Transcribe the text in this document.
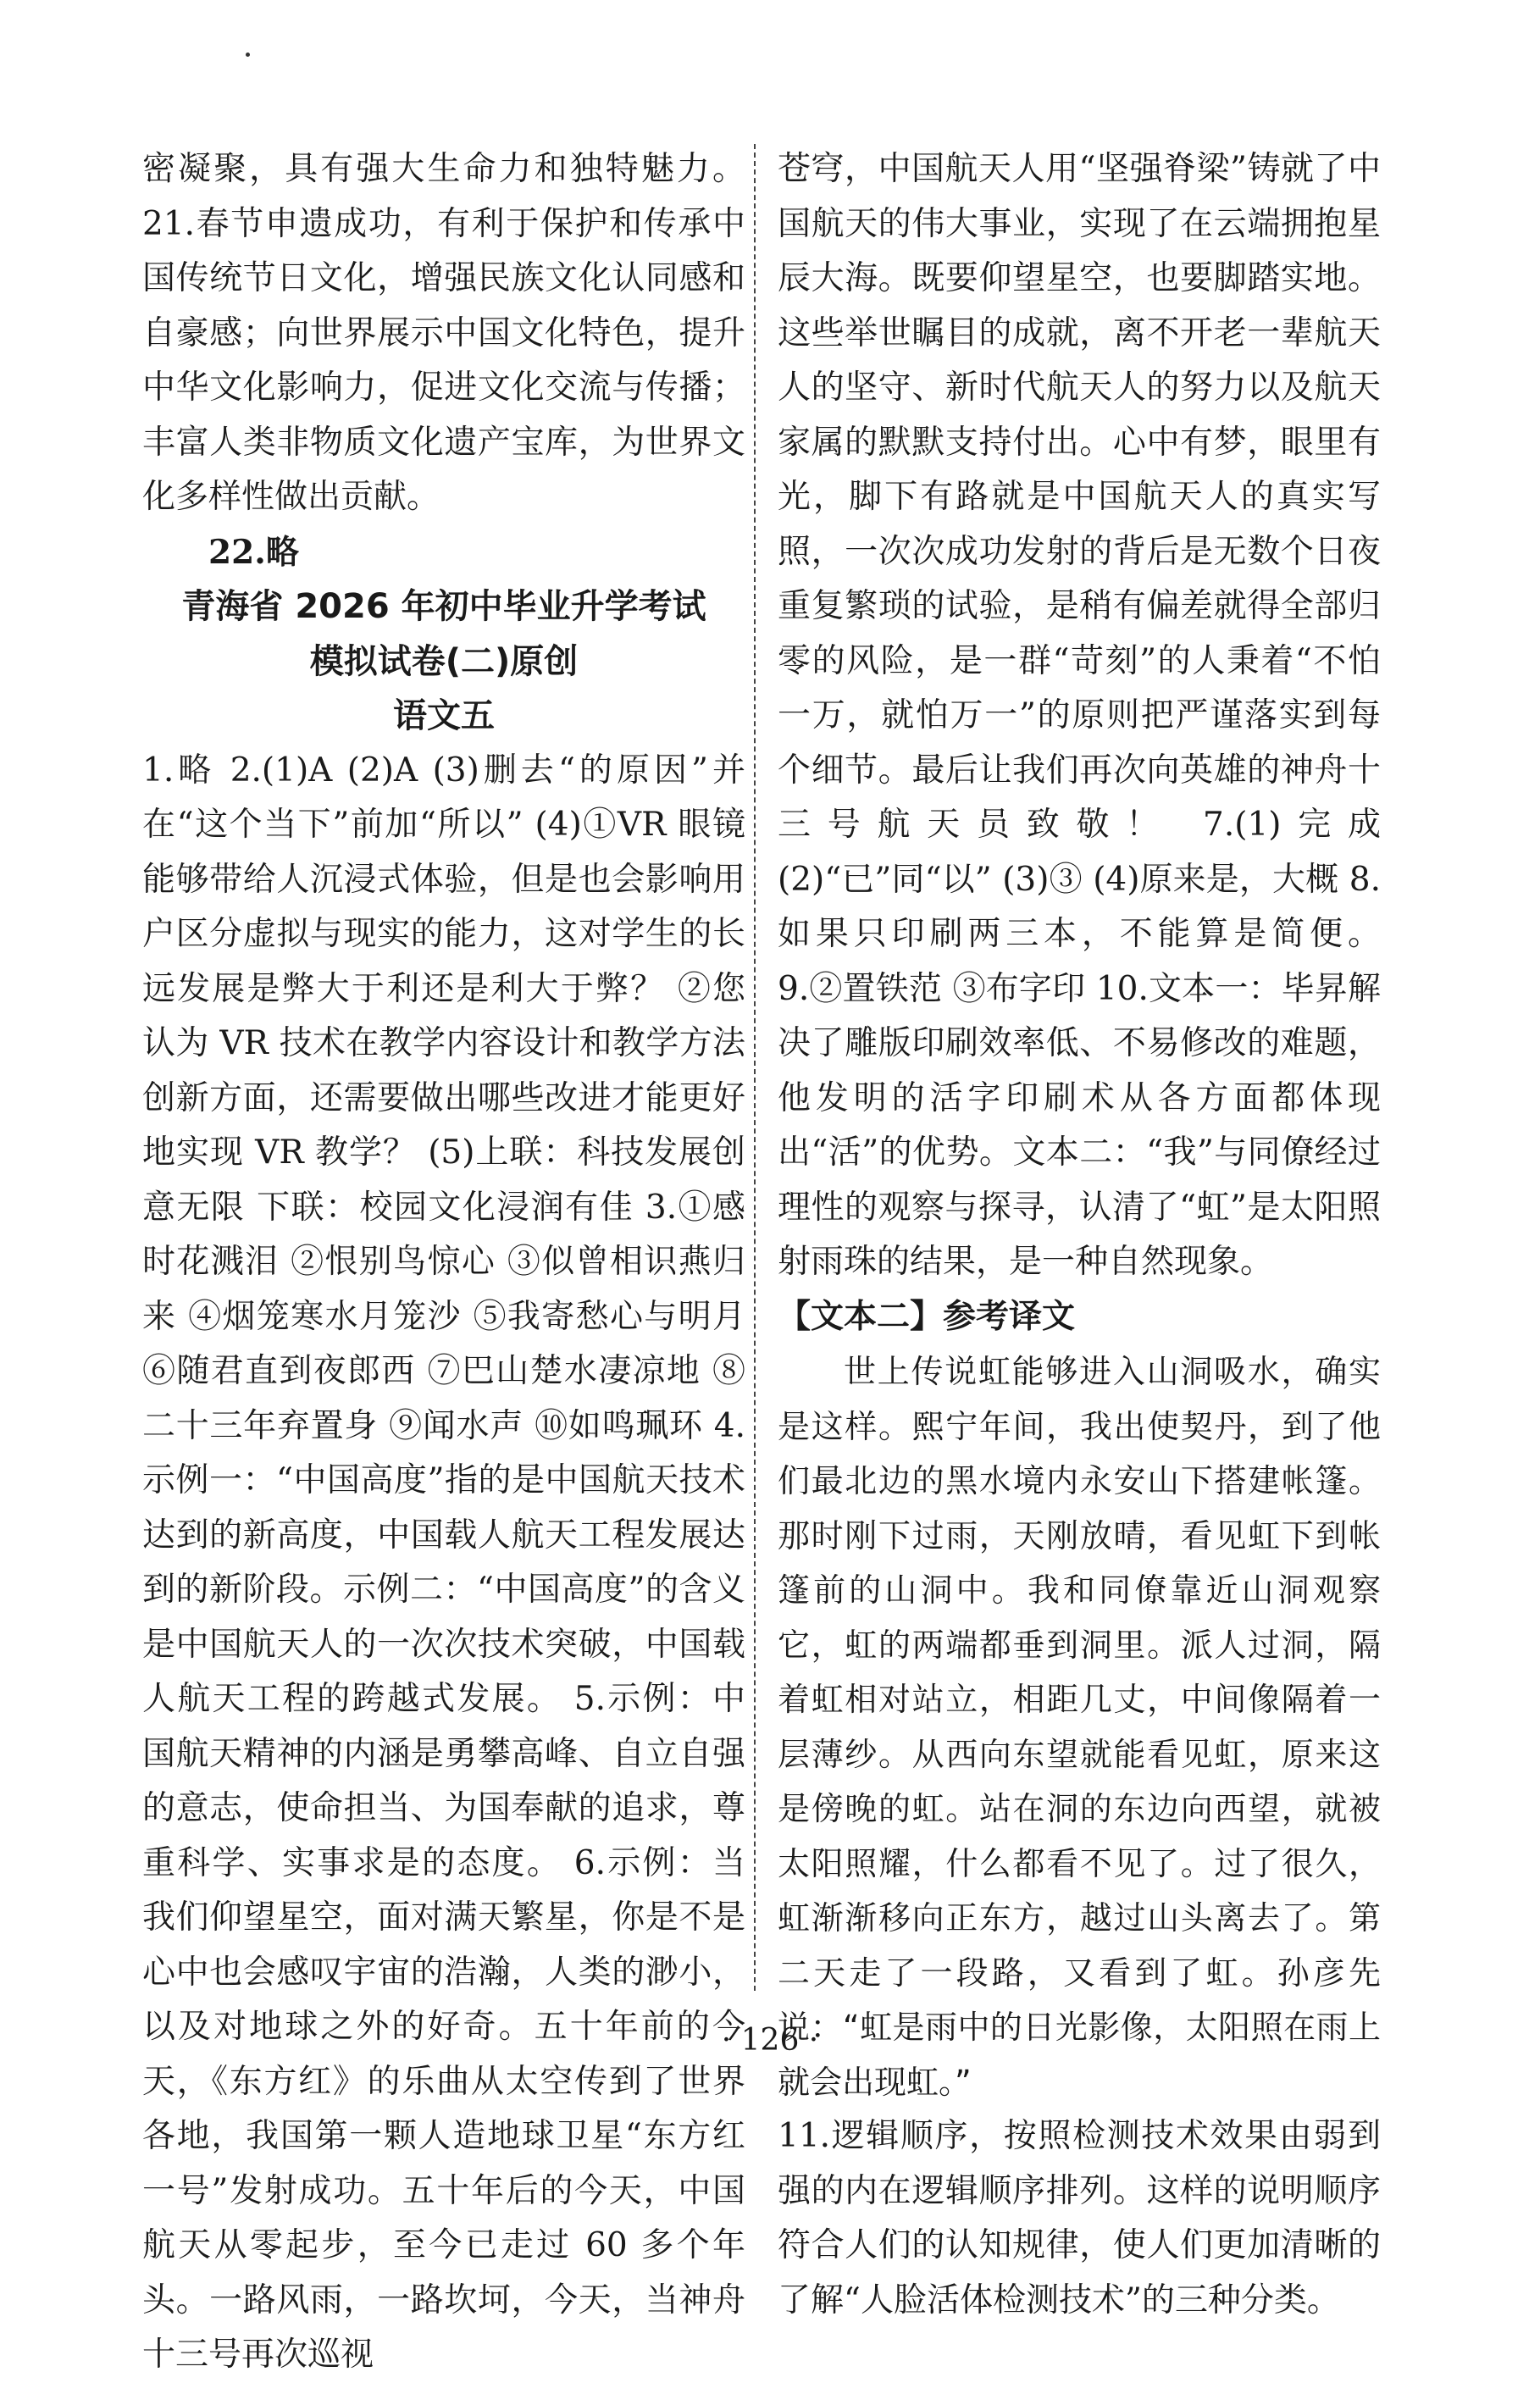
密凝聚，具有强大生命力和独特魅力。 21.春节申遗成功，有利于保护和传承中国传统节日文化，增强民族文化认同感和自豪感；向世界展示中国文化特色，提升中华文化影响力，促进文化交流与传播；丰富人类非物质文化遗产宝库，为世界文化多样性做出贡献。

22.略

青海省 2026 年初中毕业升学考试

模拟试卷(二)原创

语文五

1.略 2.(1)A (2)A (3)删去“的原因”并在“这个当下”前加“所以” (4)①VR 眼镜能够带给人沉浸式体验，但是也会影响用户区分虚拟与现实的能力，这对学生的长远发展是弊大于利还是利大于弊？ ②您认为 VR 技术在教学内容设计和教学方法创新方面，还需要做出哪些改进才能更好地实现 VR 教学？ (5)上联：科技发展创意无限 下联：校园文化浸润有佳 3.①感时花溅泪 ②恨别鸟惊心 ③似曾相识燕归来 ④烟笼寒水月笼沙 ⑤我寄愁心与明月 ⑥随君直到夜郎西 ⑦巴山楚水凄凉地 ⑧二十三年弃置身 ⑨闻水声 ⑩如鸣珮环 4.示例一：“中国高度”指的是中国航天技术达到的新高度，中国载人航天工程发展达到的新阶段。示例二：“中国高度”的含义是中国航天人的一次次技术突破，中国载人航天工程的跨越式发展。 5.示例：中国航天精神的内涵是勇攀高峰、自立自强的意志，使命担当、为国奉献的追求，尊重科学、实事求是的态度。 6.示例：当我们仰望星空，面对满天繁星，你是不是心中也会感叹宇宙的浩瀚，人类的渺小，以及对地球之外的好奇。五十年前的今天，《东方红》的乐曲从太空传到了世界各地，我国第一颗人造地球卫星“东方红一号”发射成功。五十年后的今天，中国航天从零起步，至今已走过 60 多个年头。一路风雨，一路坎坷，今天，当神舟十三号再次巡视

苍穹，中国航天人用“坚强脊梁”铸就了中国航天的伟大事业，实现了在云端拥抱星辰大海。既要仰望星空，也要脚踏实地。这些举世瞩目的成就，离不开老一辈航天人的坚守、新时代航天人的努力以及航天家属的默默支持付出。心中有梦，眼里有光，脚下有路就是中国航天人的真实写照，一次次成功发射的背后是无数个日夜重复繁琐的试验，是稍有偏差就得全部归零的风险，是一群“苛刻”的人秉着“不怕一万，就怕万一”的原则把严谨落实到每个细节。最后让我们再次向英雄的神舟十三号航天员致敬！ 7.(1)完成 (2)“已”同“以” (3)③ (4)原来是，大概 8.如果只印刷两三本，不能算是简便。 9.②置铁范 ③布字印 10.文本一：毕昇解决了雕版印刷效率低、不易修改的难题，他发明的活字印刷术从各方面都体现出“活”的优势。文本二：“我”与同僚经过理性的观察与探寻，认清了“虹”是太阳照射雨珠的结果，是一种自然现象。

【文本二】参考译文

世上传说虹能够进入山洞吸水，确实是这样。熙宁年间，我出使契丹，到了他们最北边的黑水境内永安山下搭建帐篷。那时刚下过雨，天刚放晴，看见虹下到帐篷前的山洞中。我和同僚靠近山洞观察它，虹的两端都垂到洞里。派人过洞，隔着虹相对站立，相距几丈，中间像隔着一层薄纱。从西向东望就能看见虹，原来这是傍晚的虹。站在洞的东边向西望，就被太阳照耀，什么都看不见了。过了很久，虹渐渐移向正东方，越过山头离去了。第二天走了一段路，又看到了虹。孙彦先说：“虹是雨中的日光影像，太阳照在雨上就会出现虹。”

11.逻辑顺序，按照检测技术效果由弱到强的内在逻辑顺序排列。这样的说明顺序符合人们的认知规律，使人们更加清晰的了解“人脸活体检测技术”的三种分类。

· 126 ·
